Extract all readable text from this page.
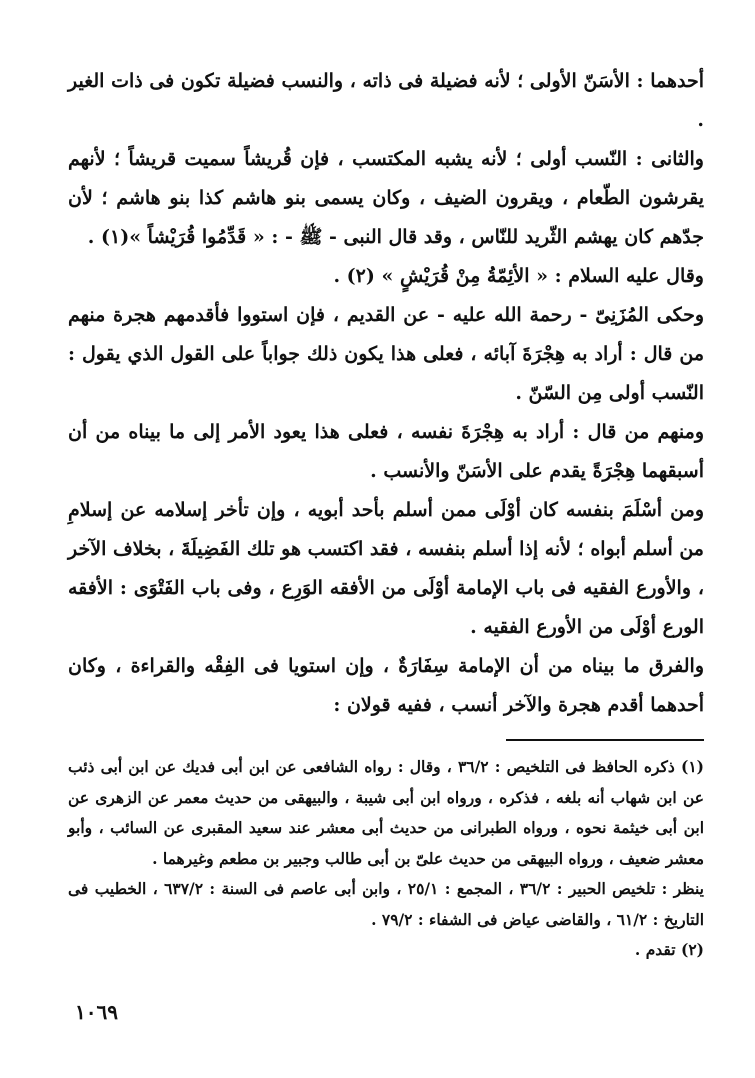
أحدهما : الأسَنّ الأولى ؛ لأنه فضيلة فى ذاته ، والنسب فضيلة تكون فى ذات الغير .

والثانى : النّسب أولى ؛ لأنه يشبه المكتسب ، فإن قُريشاً سميت قريشاً ؛ لأنهم يقرشون الطّعام ، ويقرون الضيف ، وكان يسمى بنو هاشم كذا بنو هاشم ؛ لأن جدّهم كان يهشم الثّريد للنّاس ، وقد قال النبى - ﷺ - : « قَدِّمُوا قُرَيْشاً »(١) .

وقال عليه السلام : « الأئِمّةُ مِنْ قُرَيْشٍ » (٢) .

وحكى المُزَنِىّ - رحمة الله عليه - عن القديم ، فإن استووا فأقدمهم هجرة منهم من قال : أراد به هِجْرَةَ آبائه ، فعلى هذا يكون ذلك جواباً على القول الذي يقول : النّسب أولى مِن السّنّ .

ومنهم من قال : أراد به هِجْرَةَ نفسه ، فعلى هذا يعود الأمر إلى ما بيناه من أن أسبقهما هِجْرَةً يقدم على الأسَنّ والأنسب .

ومن أسْلَمَ بنفسه كان أوْلَى ممن أسلم بأحد أبويه ، وإن تأخر إسلامه عن إسلامِ من أسلم أبواه ؛ لأنه إذا أسلم بنفسه ، فقد اكتسب هو تلك الفَضِيلَةَ ، بخلاف الآخر ، والأورع الفقيه فى باب الإمامة أوْلَى من الأفقه الوَرِع ، وفى باب الفَتْوَى : الأفقه الورع أوْلَى من الأورع الفقيه .

والفرق ما بيناه من أن الإمامة سِفَارَةٌ ، وإن استويا فى الفِقْه والقراءة ، وكان أحدهما أقدم هجرة والآخر أنسب ، ففيه قولان :

(١) ذكره الحافظ فى التلخيص : ٣٦/٢ ، وقال : رواه الشافعى عن ابن أبى فديك عن ابن أبى ذئب عن ابن شهاب أنه بلغه ، فذكره ، ورواه ابن أبى شيبة ، والبيهقى من حديث معمر عن الزهرى عن ابن أبى خيثمة نحوه ، ورواه الطبرانى من حديث أبى معشر عند سعيد المقبرى عن السائب ، وأبو معشر ضعيف ، ورواه البيهقى من حديث علىّ بن أبى طالب وجبير بن مطعم وغيرهما .

ينظر : تلخيص الحبير : ٣٦/٢ ، المجمع : ٢٥/١ ، وابن أبى عاصم فى السنة : ٦٣٧/٢ ، الخطيب فى التاريخ : ٦١/٢ ، والقاضى عياض فى الشفاء : ٧٩/٢ .

(٢) تقدم .

١٠٦٩
